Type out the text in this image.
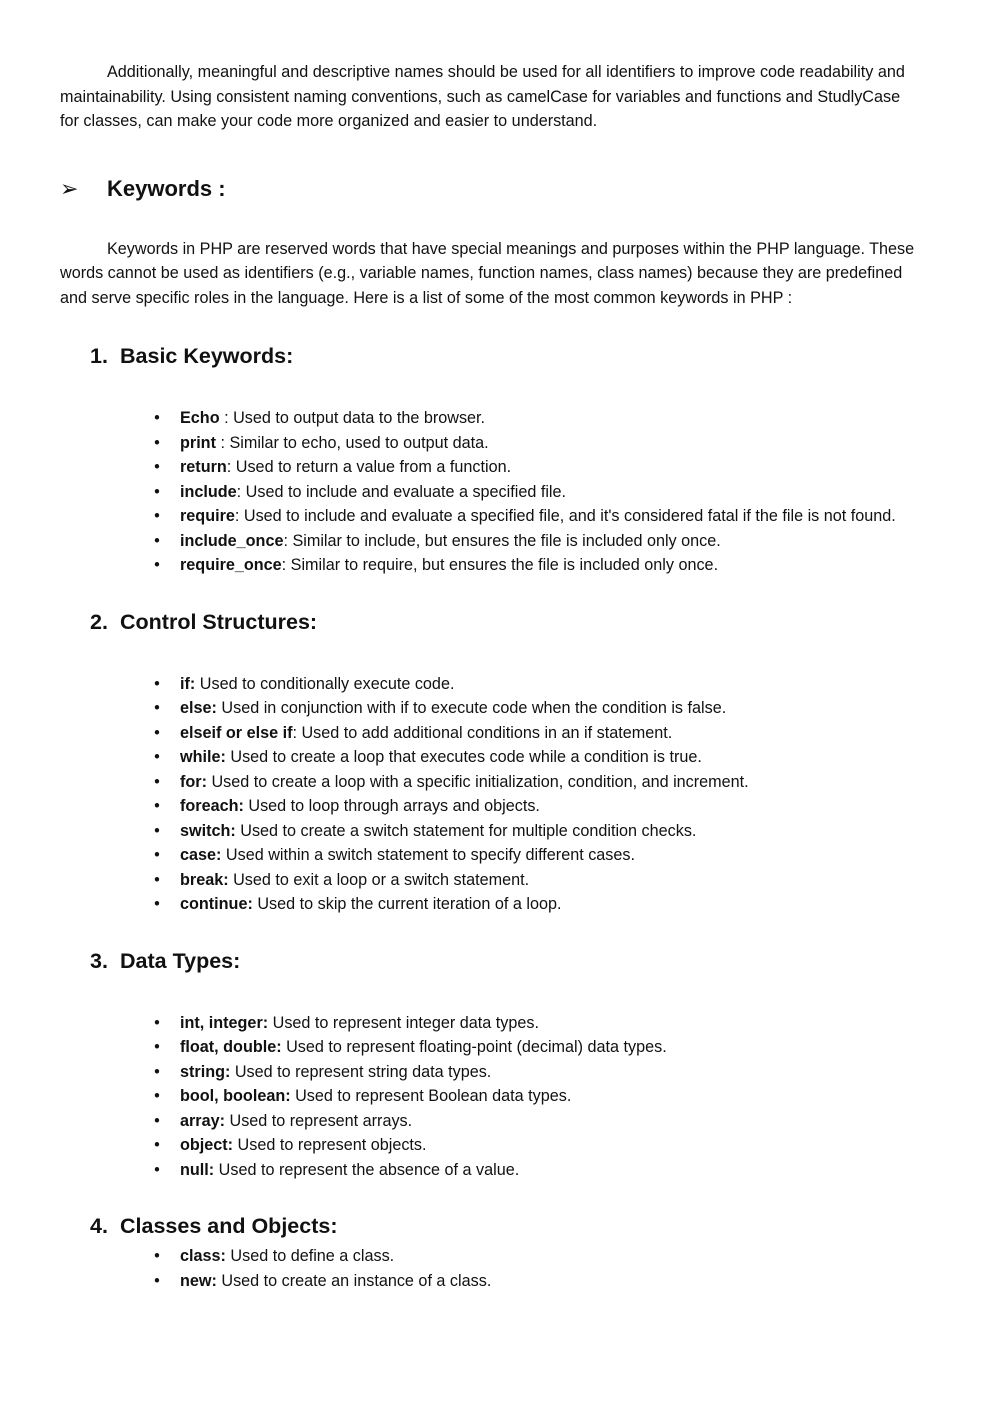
Additionally, meaningful and descriptive names should be used for all identifiers to improve code readability and maintainability. Using consistent naming conventions, such as camelCase for variables and functions and StudlyCase for classes, can make your code more organized and easier to understand.

➢	Keywords :

Keywords in PHP are reserved words that have special meanings and purposes within the PHP language. These words cannot be used as identifiers (e.g., variable names, function names, class names) because they are predefined and serve specific roles in the language. Here is a list of some of the most common keywords in PHP :

1. Basic Keywords:
• Echo : Used to output data to the browser.
• print : Similar to echo, used to output data.
• return: Used to return a value from a function.
• include: Used to include and evaluate a specified file.
• require: Used to include and evaluate a specified file, and it's considered fatal if the file is not found.
• include_once: Similar to include, but ensures the file is included only once.
• require_once: Similar to require, but ensures the file is included only once.
2. Control Structures:
• if: Used to conditionally execute code.
• else: Used in conjunction with if to execute code when the condition is false.
• elseif or else if: Used to add additional conditions in an if statement.
• while: Used to create a loop that executes code while a condition is true.
• for: Used to create a loop with a specific initialization, condition, and increment.
• foreach: Used to loop through arrays and objects.
• switch: Used to create a switch statement for multiple condition checks.
• case: Used within a switch statement to specify different cases.
• break: Used to exit a loop or a switch statement.
• continue: Used to skip the current iteration of a loop.
3. Data Types:
• int, integer: Used to represent integer data types.
• float, double: Used to represent floating-point (decimal) data types.
• string: Used to represent string data types.
• bool, boolean: Used to represent Boolean data types.
• array: Used to represent arrays.
• object: Used to represent objects.
• null: Used to represent the absence of a value.
4. Classes and Objects:
• class: Used to define a class.
• new: Used to create an instance of a class.
